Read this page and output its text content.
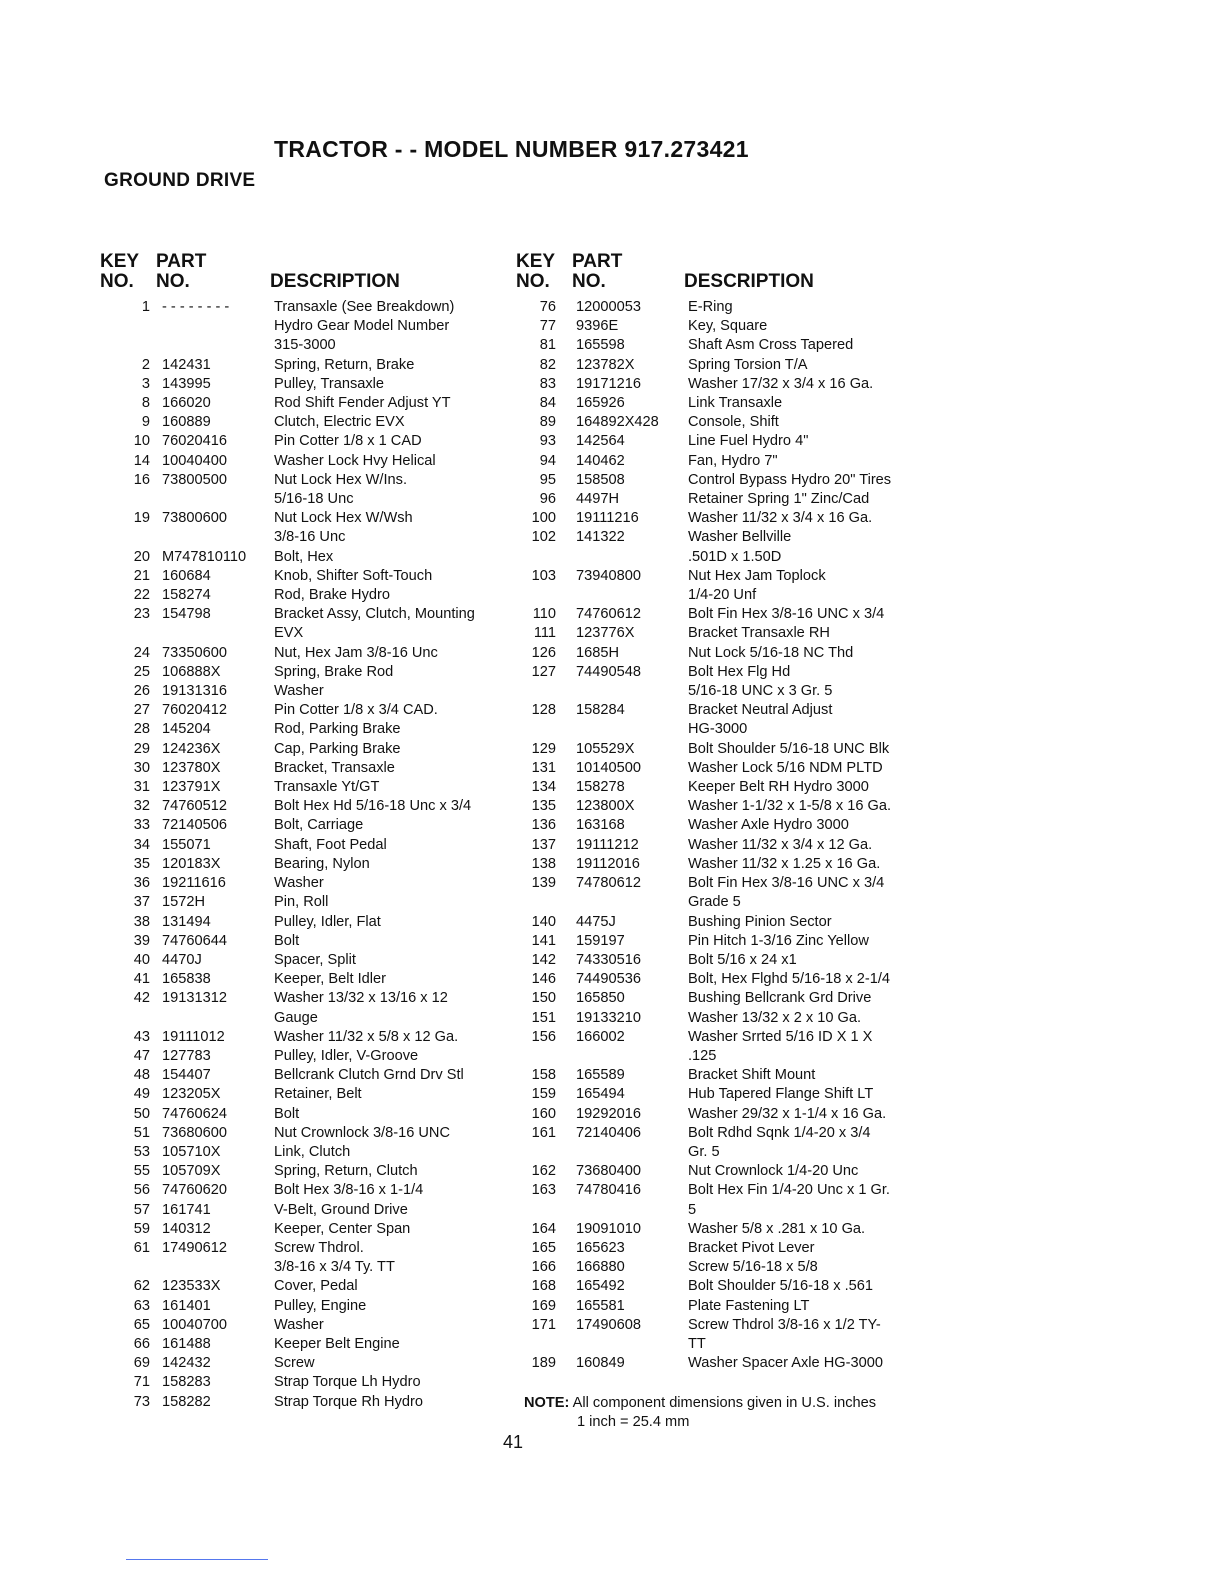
TRACTOR - - MODEL NUMBER 917.273421
GROUND DRIVE
KEY
NO.
PART
NO.	DESCRIPTION
1 - - - - - - - -	Transaxle (See Breakdown)
Hydro Gear Model Number
315-3000
2 142431	Spring, Return, Brake
3 143995	Pulley, Transaxle
8 166020	Rod Shift Fender Adjust YT
9 160889	Clutch, Electric EVX
10 76020416	Pin Cotter 1/8 x 1 CAD
14 10040400	Washer Lock Hvy Helical
16 73800500	Nut Lock Hex W/Ins.
5/16-18 Unc
19 73800600	Nut Lock Hex W/Wsh
3/8-16 Unc
20 M747810110	Bolt, Hex
21 160684	Knob, Shifter Soft-Touch
22 158274	Rod, Brake Hydro
23 154798	Bracket Assy, Clutch, Mounting
EVX
24 73350600	Nut, Hex Jam 3/8-16 Unc
25 106888X	Spring, Brake Rod
26 19131316	Washer
27 76020412	Pin Cotter 1/8 x 3/4 CAD.
28 145204	Rod, Parking Brake
29 124236X	Cap, Parking Brake
30 123780X	Bracket, Transaxle
31 123791X	Transaxle Yt/GT
32 74760512	Bolt Hex Hd 5/16-18 Unc x 3/4
33 72140506	Bolt, Carriage
34 155071	Shaft, Foot Pedal
35 120183X	Bearing, Nylon
36 19211616	Washer
37 1572H	Pin, Roll
38 131494	Pulley, Idler, Flat
39 74760644	Bolt
40 4470J	Spacer, Split
41 165838	Keeper, Belt Idler
42 19131312	Washer 13/32 x 13/16 x 12
Gauge
43 19111012	Washer 11/32 x 5/8 x 12 Ga.
47 127783	Pulley, Idler, V-Groove
48 154407	Bellcrank Clutch Grnd Drv Stl
49 123205X	Retainer, Belt
50 74760624	Bolt
51 73680600	Nut Crownlock 3/8-16 UNC
53 105710X	Link, Clutch
55 105709X	Spring, Return, Clutch
56 74760620	Bolt Hex 3/8-16 x 1-1/4
57 161741	V-Belt, Ground Drive
59 140312	Keeper, Center Span
61 17490612	Screw Thdrol.
3/8-16 x 3/4 Ty. TT
62 123533X	Cover, Pedal
63 161401	Pulley, Engine
65 10040700	Washer
66 161488	Keeper Belt Engine
69 142432	Screw
71 158283	Strap Torque Lh Hydro
73 158282	Strap Torque Rh Hydro
KEY
NO.
PART
NO.	DESCRIPTION
76	12000053	E-Ring
77	9396E	Key, Square
81	165598	Shaft Asm Cross Tapered
82	123782X	Spring Torsion T/A
83	19171216	Washer 17/32 x 3/4 x 16 Ga.
84	165926	Link Transaxle
89	164892X428	Console, Shift
93	142564	Line Fuel Hydro 4"
94	140462	Fan, Hydro 7"
95	158508	Control Bypass Hydro 20" Tires
96	4497H	Retainer Spring 1" Zinc/Cad
100	19111216	Washer 11/32 x 3/4 x 16 Ga.
102	141322	Washer Bellville
.501D x 1.50D
103	73940800	Nut Hex Jam Toplock
1/4-20 Unf
110	74760612	Bolt Fin Hex 3/8-16 UNC x 3/4
111	123776X	Bracket Transaxle RH
126	1685H	Nut Lock 5/16-18 NC Thd
127	74490548	Bolt Hex Flg Hd
5/16-18 UNC x 3 Gr. 5
128	158284	Bracket Neutral Adjust
HG-3000
129	105529X	Bolt Shoulder 5/16-18 UNC Blk
131	10140500	Washer Lock 5/16 NDM PLTD
134	158278	Keeper Belt RH Hydro 3000
135	123800X	Washer 1-1/32 x 1-5/8 x 16 Ga.
136	163168	Washer Axle Hydro 3000
137	19111212	Washer 11/32 x 3/4 x 12 Ga.
138	19112016	Washer 11/32 x 1.25 x 16 Ga.
139	74780612	Bolt Fin Hex 3/8-16 UNC x 3/4
Grade 5
140	4475J	Bushing Pinion Sector
141	159197	Pin Hitch 1-3/16 Zinc Yellow
142	74330516	Bolt 5/16 x 24 x1
146	74490536	Bolt, Hex Flghd 5/16-18 x 2-1/4
150	165850	Bushing Bellcrank Grd Drive
151	19133210	Washer 13/32 x 2 x 10 Ga.
156	166002	Washer Srrted 5/16 ID X 1 X
.125
158	165589	Bracket Shift Mount
159	165494	Hub Tapered Flange Shift LT
160	19292016	Washer 29/32 x 1-1/4 x 16 Ga.
161	72140406	Bolt Rdhd Sqnk 1/4-20 x 3/4
Gr. 5
162	73680400	Nut Crownlock 1/4-20 Unc
163	74780416	Bolt Hex Fin 1/4-20 Unc x 1 Gr.
5
164	19091010	Washer 5/8 x .281 x 10 Ga.
165	165623	Bracket Pivot Lever
166	166880	Screw 5/16-18 x 5/8
168	165492	Bolt Shoulder 5/16-18 x .561
169	165581	Plate Fastening LT
171	17490608	Screw Thdrol 3/8-16 x 1/2 TY-
TT
189	160849	Washer Spacer Axle HG-3000
NOTE: All component dimensions given in U.S. inches
1 inch = 25.4 mm
41
